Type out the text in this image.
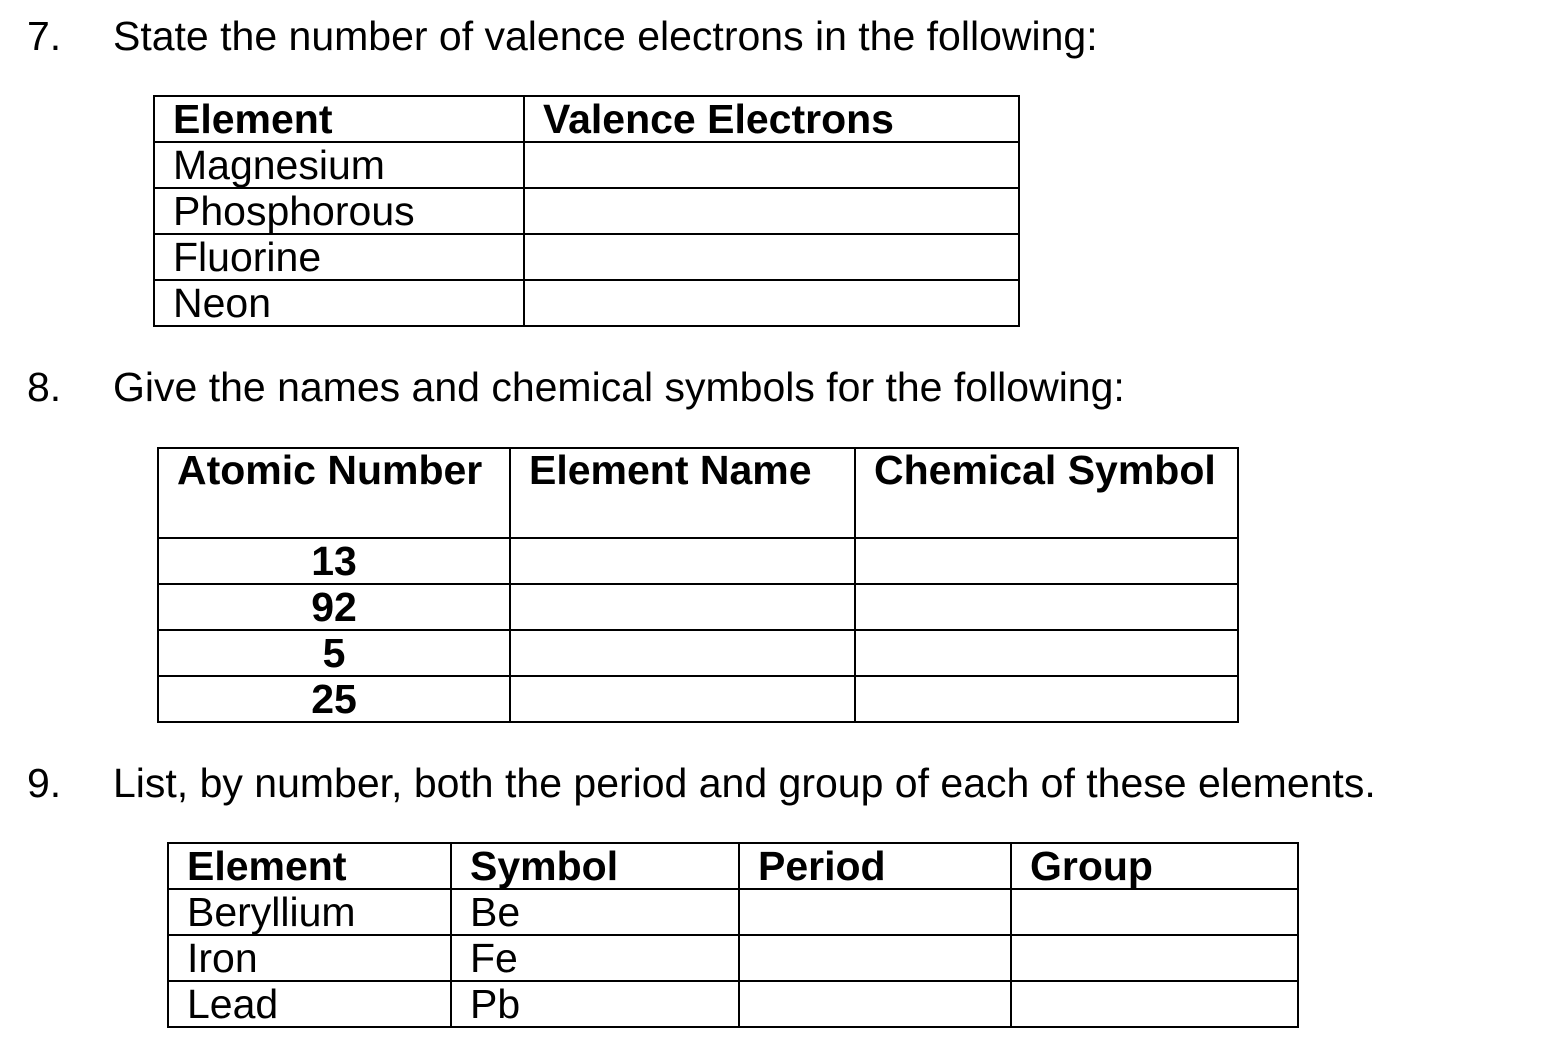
7. State the number of valence electrons in the following:
Element	Valence Electrons
Magnesium	
Phosphorous	
Fluorine	
Neon	
8. Give the names and chemical symbols for the following:
Atomic Number	Element Name	Chemical Symbol
13		
92		
5		
25		
9. List, by number, both the period and group of each of these elements.
Element	Symbol	Period	Group
Beryllium	Be		
Iron	Fe		
Lead	Pb		
